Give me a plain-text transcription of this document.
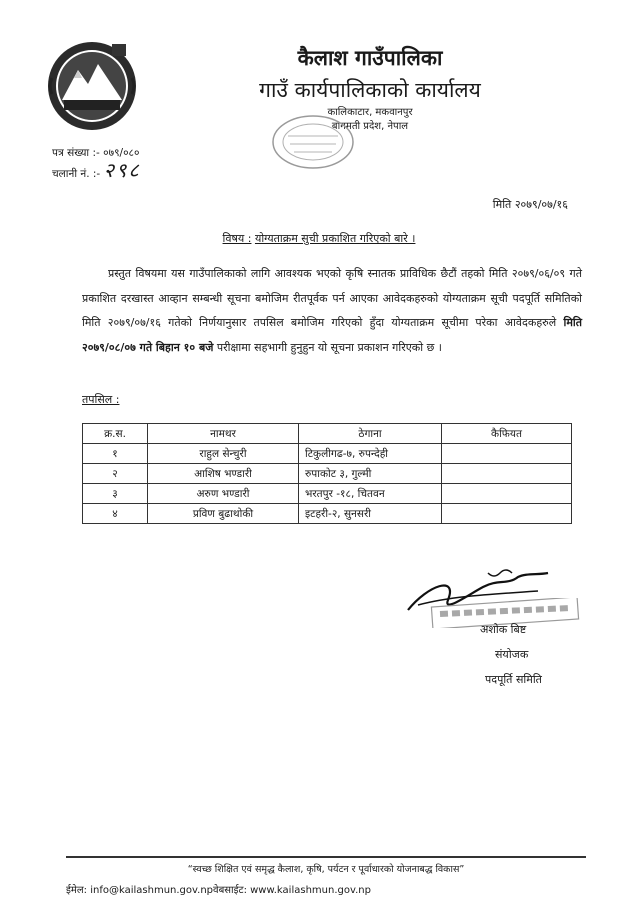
कैलाश गाउँपालिका
गाउँ कार्यपालिकाको कार्यालय
कालिकाटार, मकवानपुर
बागमती प्रदेश, नेपाल
पत्र संख्या :- ०७९/०८०
चलानी नं. :- २९८
मिति २०७९/०७/१६
विषय : योग्यताक्रम सुची प्रकाशित गरिएको बारे ।

प्रस्तुत विषयमा यस गाउँपालिकाको लागि आवश्यक भएको कृषि स्नातक प्राविधिक छैटौं तहको मिति २०७९/०६/०९ गते प्रकाशित दरखास्त आव्हान सम्बन्धी सूचना बमोजिम रीतपूर्वक पर्न आएका आवेदकहरुको योग्यताक्रम सूची पदपूर्ति समितिको मिति २०७९/०७/१६ गतेको निर्णयानुसार तपसिल बमोजिम गरिएको हुँदा योग्यताक्रम सूचीमा परेका आवेदकहरुले मिति २०७९/०८/०७ गते बिहान १० बजे परीक्षामा सहभागी हुनुहुन यो सूचना प्रकाशन गरिएको छ ।

तपसिल :
क्र.स.	नामथर	ठेगाना	कैफियत
१	राहुल सेन्चुरी	टिकुलीगढ-७, रुपन्देही	
२	आशिष भण्डारी	रुपाकोट ३, गुल्मी	
३	अरुण भण्डारी	भरतपुर -१८, चितवन	
४	प्रविण बुढाथोकी	इटहरी-२, सुनसरी	
अशोक बिष्ट
संयोजक
पदपूर्ति समिति
“स्वच्छ शिक्षित एवं समृद्ध कैलाश, कृषि, पर्यटन र पूर्वाधारको योजनाबद्ध विकास”
ईमेल: info@kailashmun.gov.npवेबसाईट: www.kailashmun.gov.np
